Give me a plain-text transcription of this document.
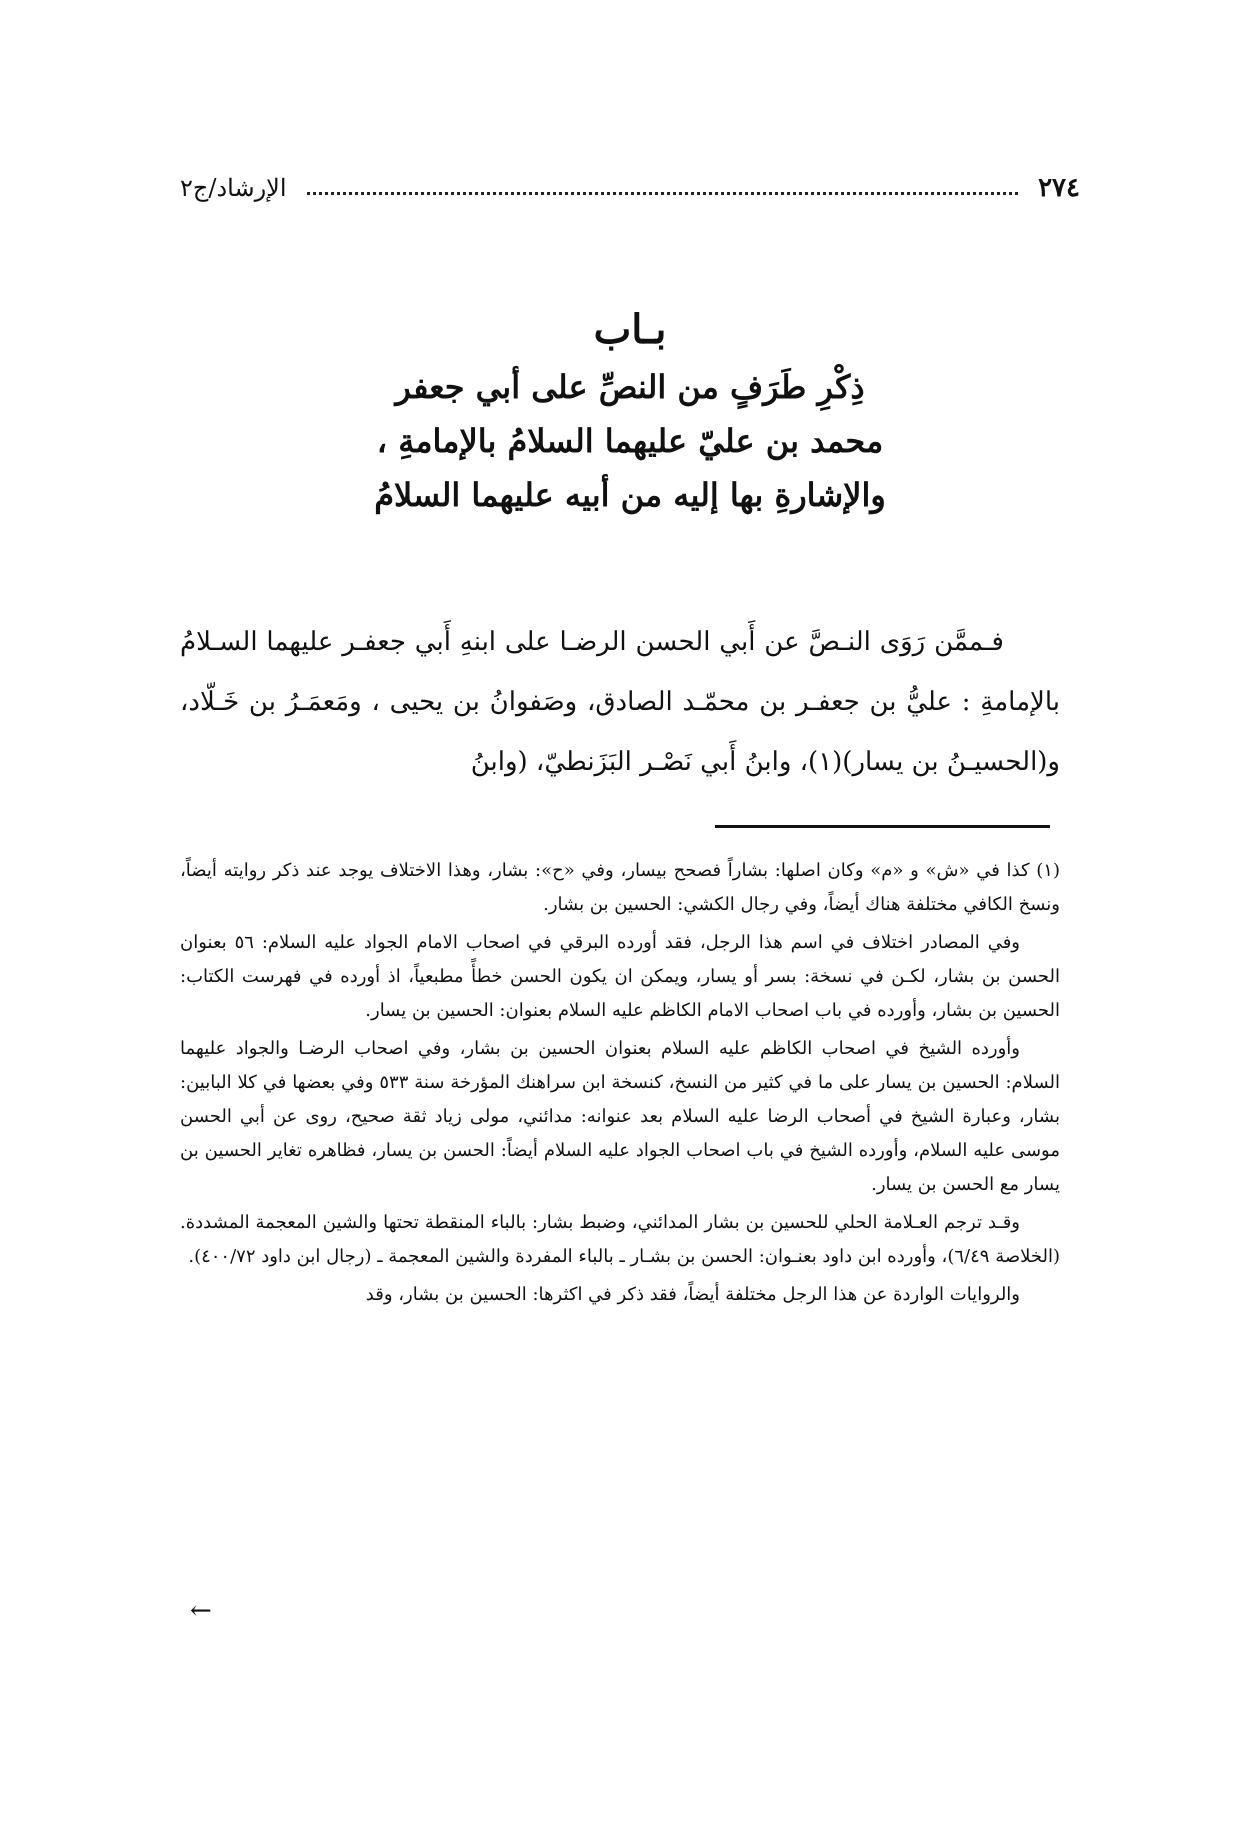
٢٧٤
الإرشاد/ج٢
بـاب
ذِكْرِ طَرَفٍ من النصِّ على أبي جعفر
محمد بن عليّ عليهما السلامُ بالإمامةِ ،
والإشارةِ بها إليه من أبيه عليهما السلامُ

فـممَّن رَوَى النـصَّ عن أَبي الحسن الرضـا على ابنهِ أَبي جعفـر عليهما السـلامُ بالإمامةِ : عليُّ بن جعفـر بن محمّـد الصادق، وصَفوانُ بن يحيى ، ومَعمَـرُ بن خَـلّاد، و(الحسيـنُ بن يسار)(١)، وابنُ أَبي نَصْـر البَزَنطيّ، (وابنُ

(١) كذا في «ش» و «م» وكان اصلها: بشاراً فصحح بيسار، وفي «ح»: بشار، وهذا الاختلاف يوجد عند ذكر روايته أيضاً، ونسخ الكافي مختلفة هناك أيضاً، وفي رجال الكشي: الحسين بن بشار.

وفي المصادر اختلاف في اسم هذا الرجل، فقد أورده البرقي في اصحاب الامام الجواد عليه السلام: ٥٦ بعنوان الحسن بن بشار، لكـن في نسخة: بسر أو يسار، ويمكن ان يكون الحسن خطأً مطبعياً، اذ أورده في فهرست الكتاب: الحسين بن بشار، وأورده في باب اصحاب الامام الكاظم عليه السلام بعنوان: الحسين بن يسار.

وأورده الشيخ في اصحاب الكاظم عليه السلام بعنوان الحسين بن بشار، وفي اصحاب الرضـا والجواد عليهما السلام: الحسين بن يسار على ما في كثير من النسخ، كنسخة ابن سراهنك المؤرخة سنة ٥٣٣ وفي بعضها في كلا البابين: بشار، وعبارة الشيخ في أصحاب الرضا عليه السلام بعد عنوانه: مدائني، مولى زياد ثقة صحيح، روى عن أبي الحسن موسى عليه السلام، وأورده الشيخ في باب اصحاب الجواد عليه السلام أيضاً: الحسن بن يسار، فظاهره تغاير الحسين بن يسار مع الحسن بن يسار.

وقـد ترجم العـلامة الحلي للحسين بن بشار المدائني، وضبط بشار: بالباء المنقطة تحتها والشين المعجمة المشددة. (الخلاصة ٦/٤٩)، وأورده ابن داود بعنـوان: الحسن بن بشـار ـ بالباء المفردة والشين المعجمة ـ (رجال ابن داود ٤٠٠/٧٢).

والروايات الواردة عن هذا الرجل مختلفة أيضاً، فقد ذكر في اكثرها: الحسين بن بشار، وقد

←
